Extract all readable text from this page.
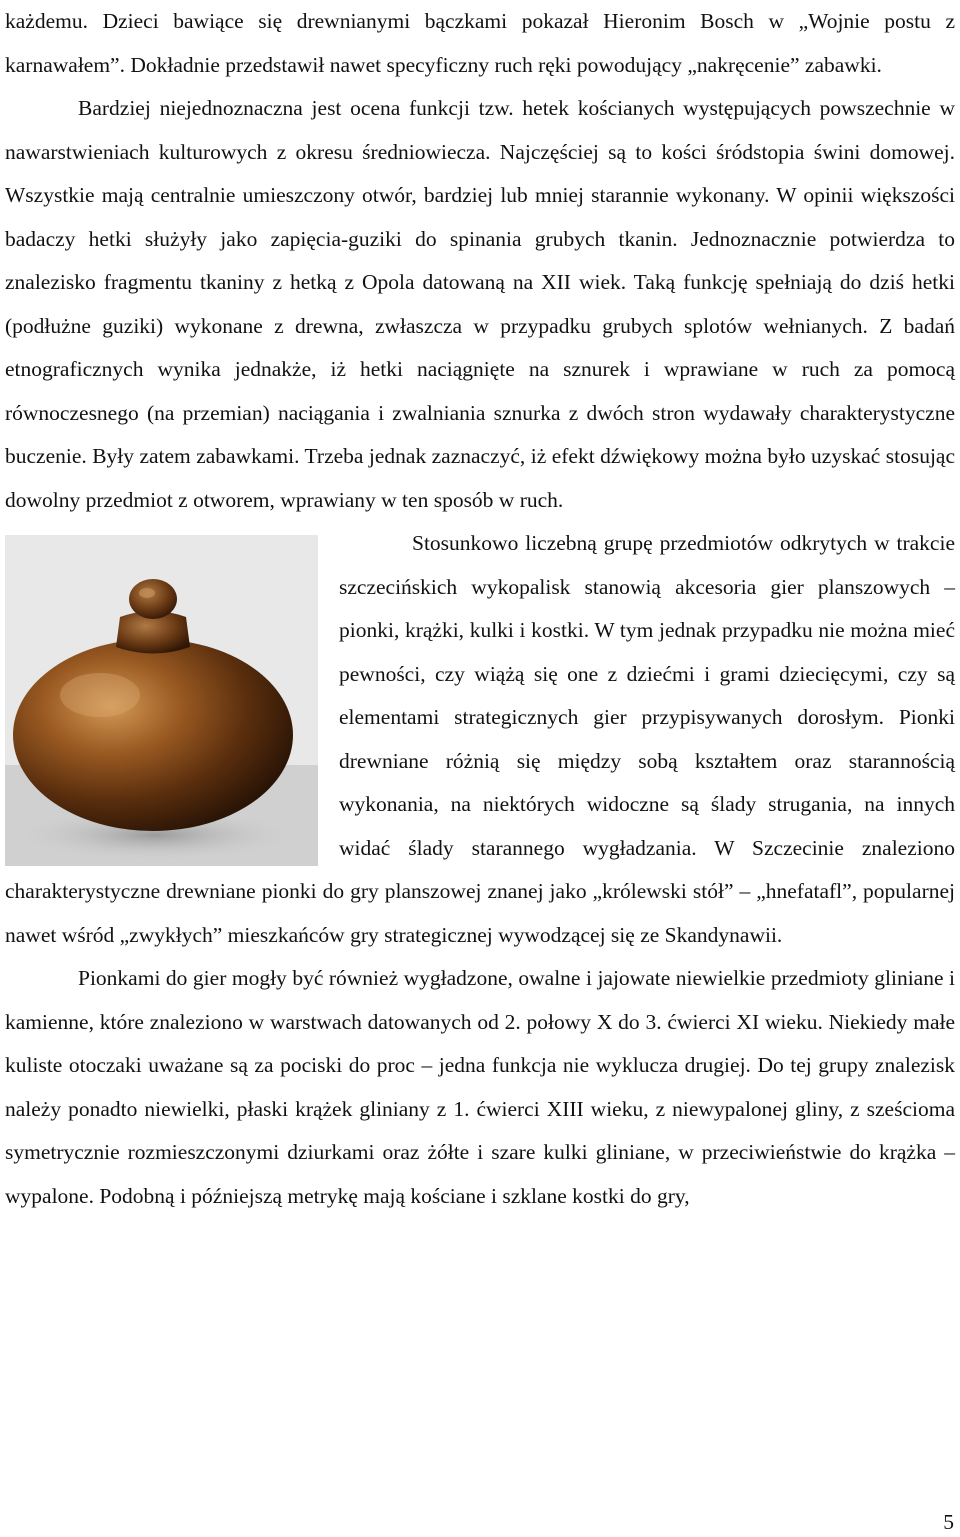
każdemu. Dzieci bawiące się drewnianymi bączkami pokazał Hieronim Bosch w „Wojnie postu z karnawałem”. Dokładnie przedstawił nawet specyficzny ruch ręki powodujący „nakręcenie” zabawki.

Bardziej niejednoznaczna jest ocena funkcji tzw. hetek kościanych występujących powszechnie w nawarstwieniach kulturowych z okresu średniowiecza. Najczęściej są to kości śródstopia świni domowej. Wszystkie mają centralnie umieszczony otwór, bardziej lub mniej starannie wykonany. W opinii większości badaczy hetki służyły jako zapięcia-guziki do spinania grubych tkanin. Jednoznacznie potwierdza to znalezisko fragmentu tkaniny z hetką z Opola datowaną na XII wiek. Taką funkcję spełniają do dziś hetki (podłużne guziki) wykonane z drewna, zwłaszcza w przypadku grubych splotów wełnianych. Z badań etnograficznych wynika jednakże, iż hetki naciągnięte na sznurek i wprawiane w ruch za pomocą równoczesnego (na przemian) naciągania i zwalniania sznurka z dwóch stron wydawały charakterystyczne buczenie. Były zatem zabawkami. Trzeba jednak zaznaczyć, iż efekt dźwiękowy można było uzyskać stosując dowolny przedmiot z otworem, wprawiany w ten sposób w ruch.

Stosunkowo liczebną grupę przedmiotów odkrytych w trakcie szczecińskich wykopalisk stanowią akcesoria gier planszowych – pionki, krążki, kulki i kostki. W tym jednak przypadku nie można mieć pewności, czy wiążą się one z dziećmi i grami dziecięcymi, czy są elementami strategicznych gier przypisywanych dorosłym. Pionki drewniane różnią się między sobą kształtem oraz starannością wykonania, na niektórych widoczne są ślady strugania, na innych widać ślady starannego wygładzania. W Szczecinie znaleziono charakterystyczne drewniane pionki do gry planszowej znanej jako „królewski stół” – „hnefatafl”, popularnej nawet wśród „zwykłych” mieszkańców gry strategicznej wywodzącej się ze Skandynawii.

Pionkami do gier mogły być również wygładzone, owalne i jajowate niewielkie przedmioty gliniane i kamienne, które znaleziono w warstwach datowanych od 2. połowy X do 3. ćwierci XI wieku. Niekiedy małe kuliste otoczaki uważane są za pociski do proc – jedna funkcja nie wyklucza drugiej. Do tej grupy znalezisk należy ponadto niewielki, płaski krążek gliniany z 1. ćwierci XIII wieku, z niewypalonej gliny, z sześcioma symetrycznie rozmieszczonymi dziurkami oraz żółte i szare kulki gliniane, w przeciwieństwie do krążka – wypalone. Podobną i późniejszą metrykę mają kościane i szklane kostki do gry,

5
